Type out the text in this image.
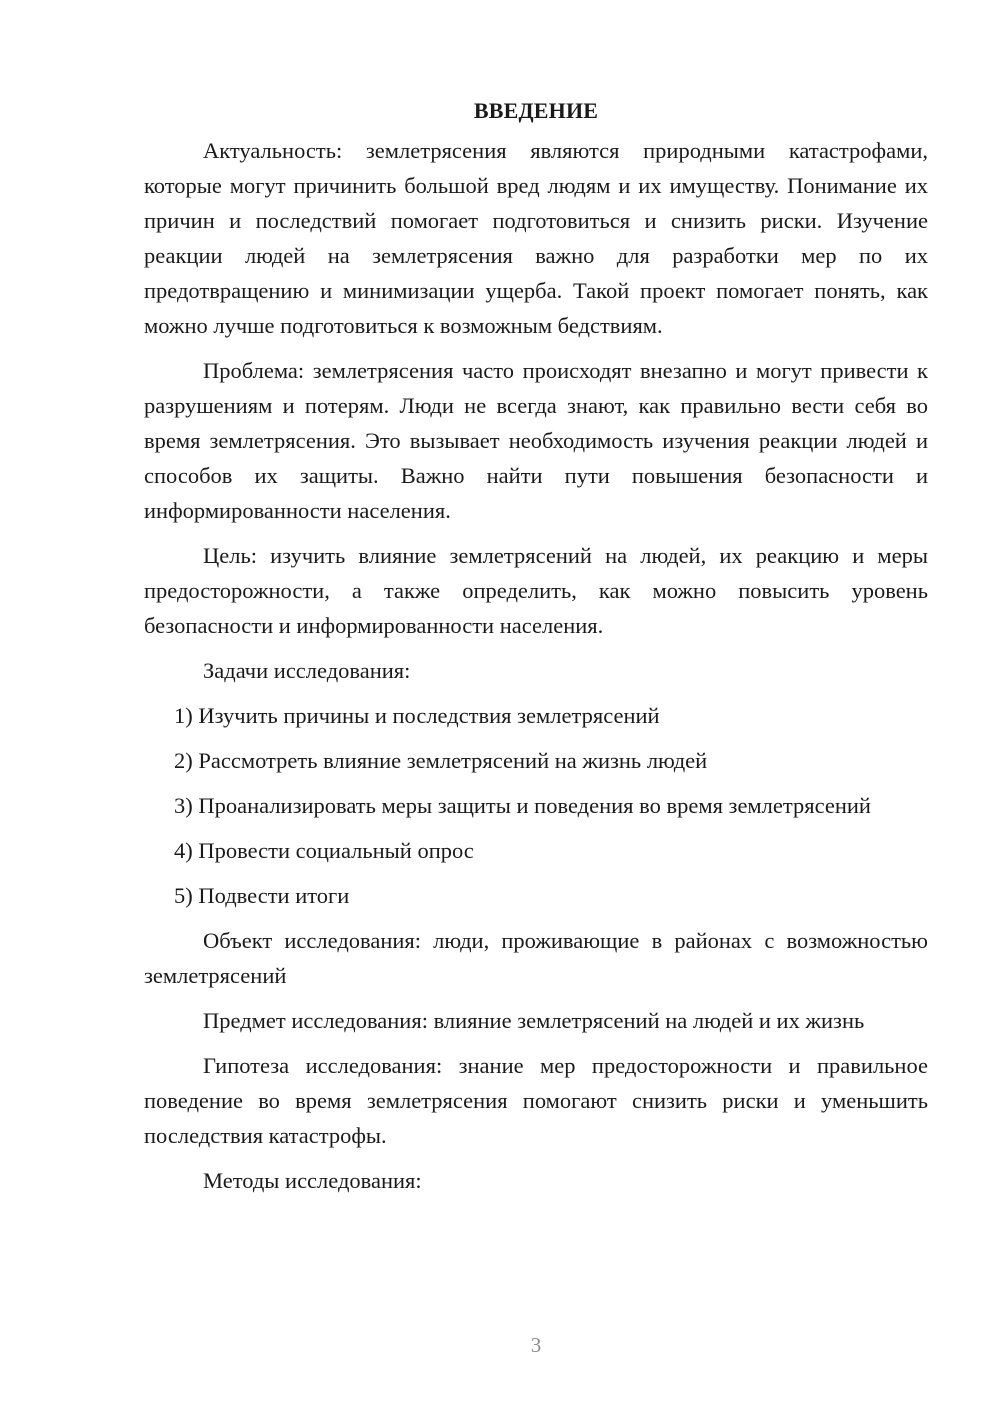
ВВЕДЕНИЕ

Актуальность: землетрясения являются природными катастрофами, которые могут причинить большой вред людям и их имуществу. Понимание их причин и последствий помогает подготовиться и снизить риски. Изучение реакции людей на землетрясения важно для разработки мер по их предотвращению и минимизации ущерба. Такой проект помогает понять, как можно лучше подготовиться к возможным бедствиям.

Проблема: землетрясения часто происходят внезапно и могут привести к разрушениям и потерям. Люди не всегда знают, как правильно вести себя во время землетрясения. Это вызывает необходимость изучения реакции людей и способов их защиты. Важно найти пути повышения безопасности и информированности населения.

Цель: изучить влияние землетрясений на людей, их реакцию и меры предосторожности, а также определить, как можно повысить уровень безопасности и информированности населения.

Задачи исследования:

1) Изучить причины и последствия землетрясений

2) Рассмотреть влияние землетрясений на жизнь людей

3) Проанализировать меры защиты и поведения во время землетрясений

4) Провести социальный опрос

5) Подвести итоги

Объект исследования: люди, проживающие в районах с возможностью землетрясений

Предмет исследования: влияние землетрясений на людей и их жизнь

Гипотеза исследования: знание мер предосторожности и правильное поведение во время землетрясения помогают снизить риски и уменьшить последствия катастрофы.

Методы исследования:

3
